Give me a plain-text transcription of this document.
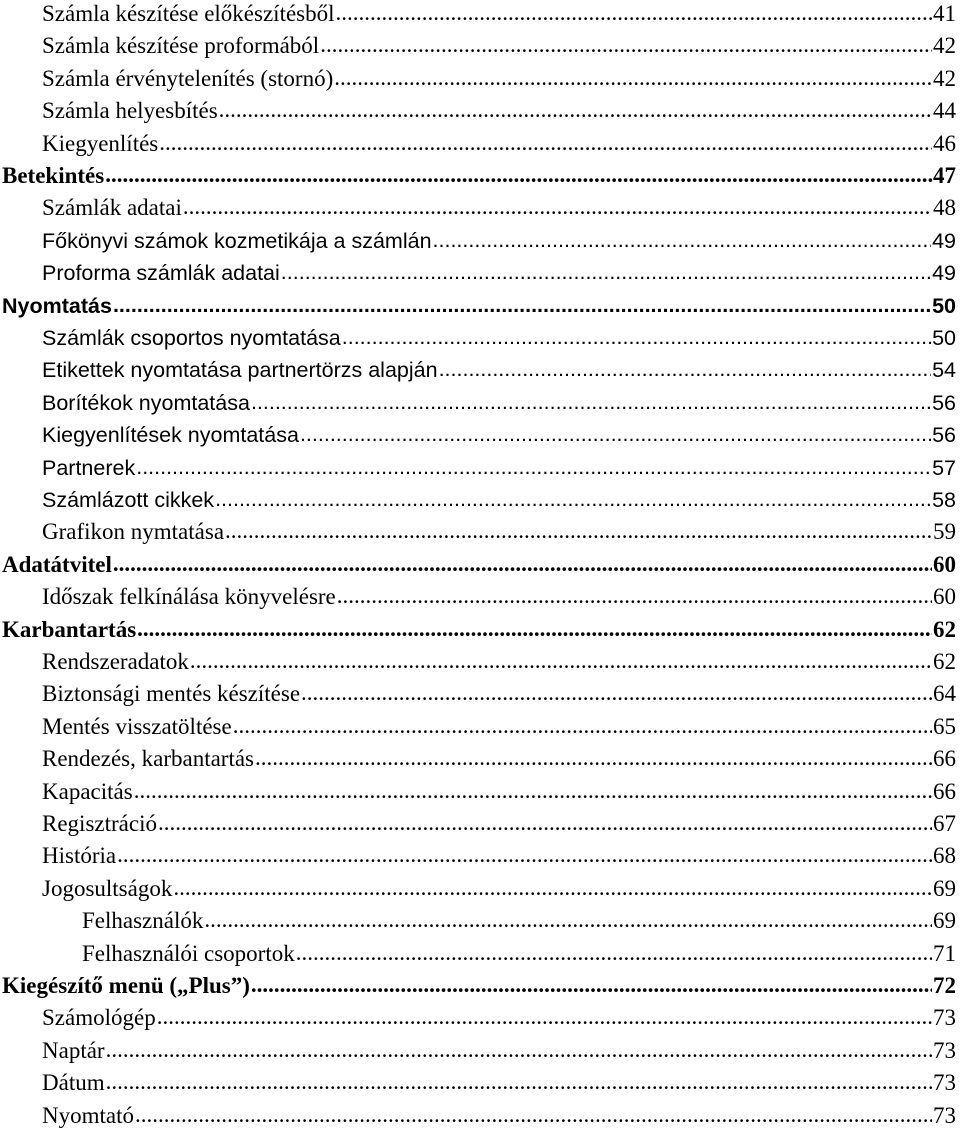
Számla készítése előkészítésből .....	41
Számla készítése proformából .....	42
Számla érvénytelenítés (stornó) .....	42
Számla helyesbítés .....	44
Kiegyenlítés .....	46
Betekintés .....	47
Számlák adatai .....	48
Főkönyvi számok kozmetikája a számlán .....	49
Proforma számlák adatai .....	49
Nyomtatás .....	50
Számlák csoportos nyomtatása .....	50
Etikettek nyomtatása partnertörzs alapján .....	54
Borítékok nyomtatása .....	56
Kiegyenlítések nyomtatása .....	56
Partnerek .....	57
Számlázott cikkek .....	58
Grafikon nymtatása .....	59
Adatátvitel .....	60
Időszak felkínálása könyvelésre .....	60
Karbantartás .....	62
Rendszeradatok .....	62
Biztonsági mentés készítése .....	64
Mentés visszatöltése .....	65
Rendezés, karbantartás .....	66
Kapacitás .....	66
Regisztráció .....	67
História .....	68
Jogosultságok .....	69
Felhasználók .....	69
Felhasználói csoportok .....	71
Kiegészítő menü („Plus”) .....	72
Számológép .....	73
Naptár .....	73
Dátum .....	73
Nyomtató .....	73
